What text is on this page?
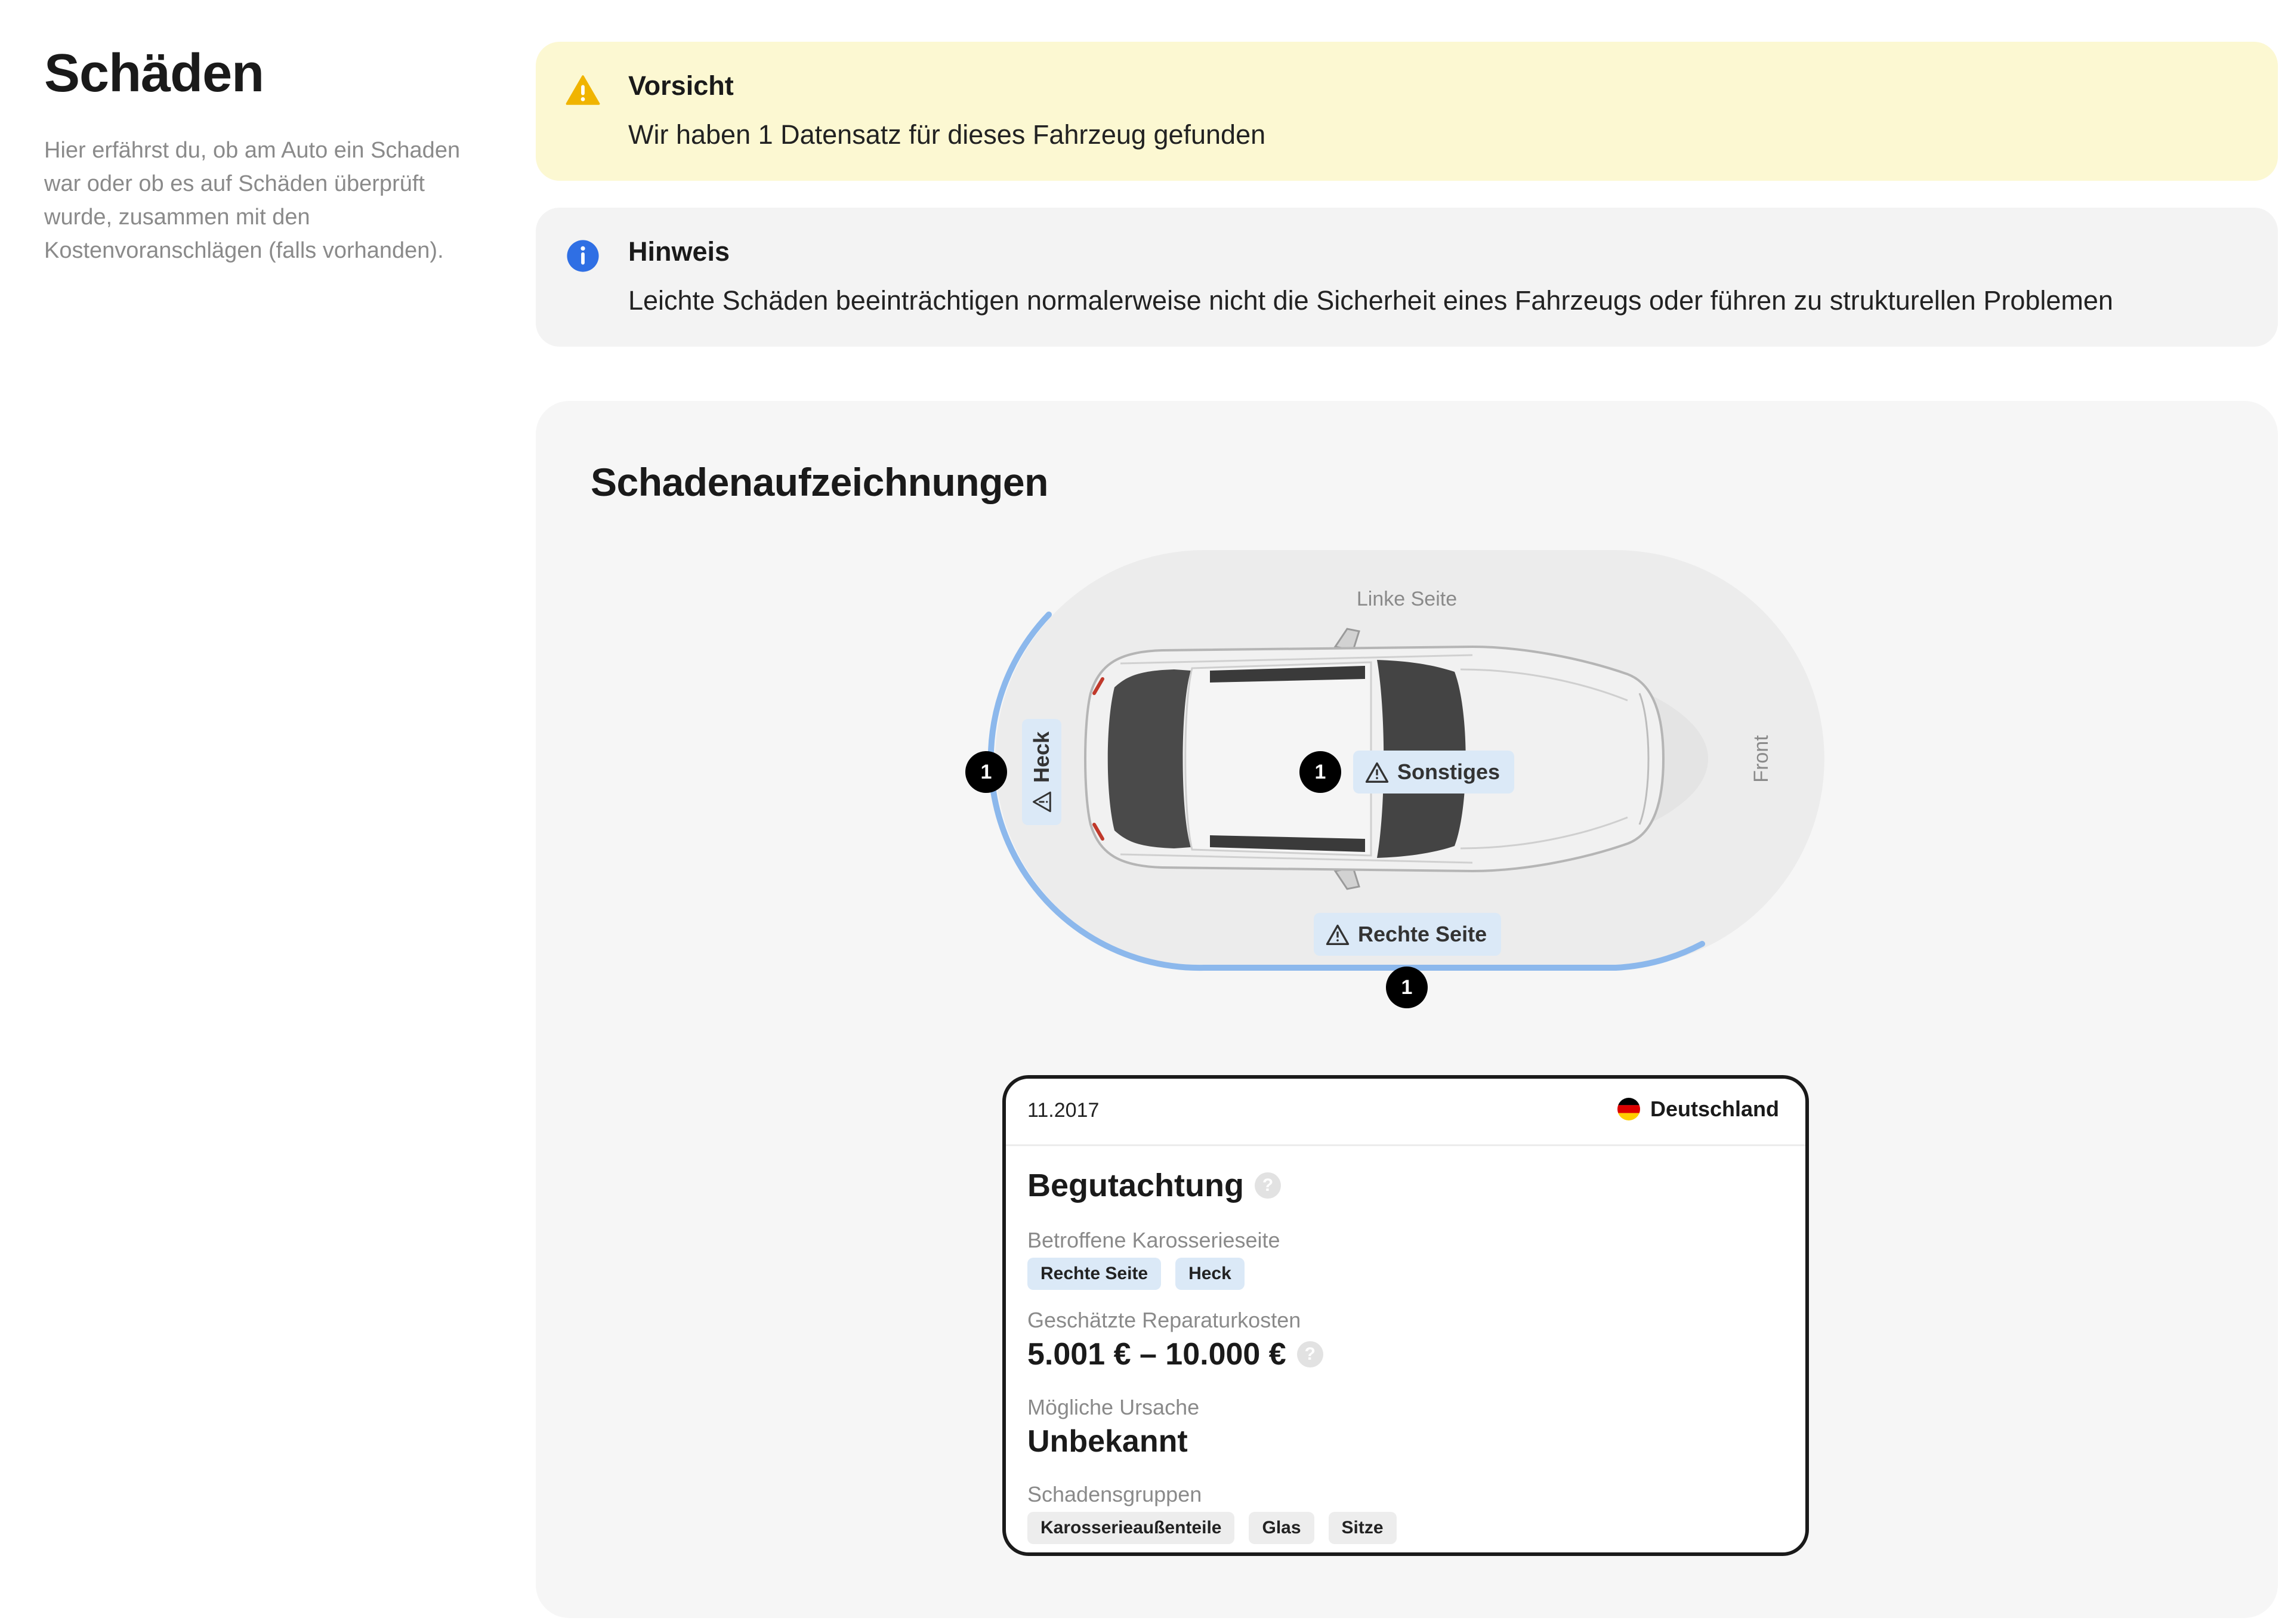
Schäden

Hier erfährst du, ob am Auto ein Schaden war oder ob es auf Schäden überprüft wurde, zusammen mit den Kostenvoranschlägen (falls vorhanden).

Vorsicht
Wir haben 1 Datensatz für dieses Fahrzeug gefunden
Hinweis
Leichte Schäden beeinträchtigen normalerweise nicht die Sicherheit eines Fahrzeugs oder führen zu strukturellen Problemen
Schadenaufzeichnungen
Linke Seite
Front
Heck
1	1	Sonstiges
Rechte Seite
1
11.2017	Deutschland
Begutachtung	?
Betroffene Karosserieseite
Rechte Seite	Heck
Geschätzte Reparaturkosten
5.001 € – 10.000 €	?
Mögliche Ursache
Unbekannt
Schadensgruppen
Karosserieaußenteile	Glas	Sitze
